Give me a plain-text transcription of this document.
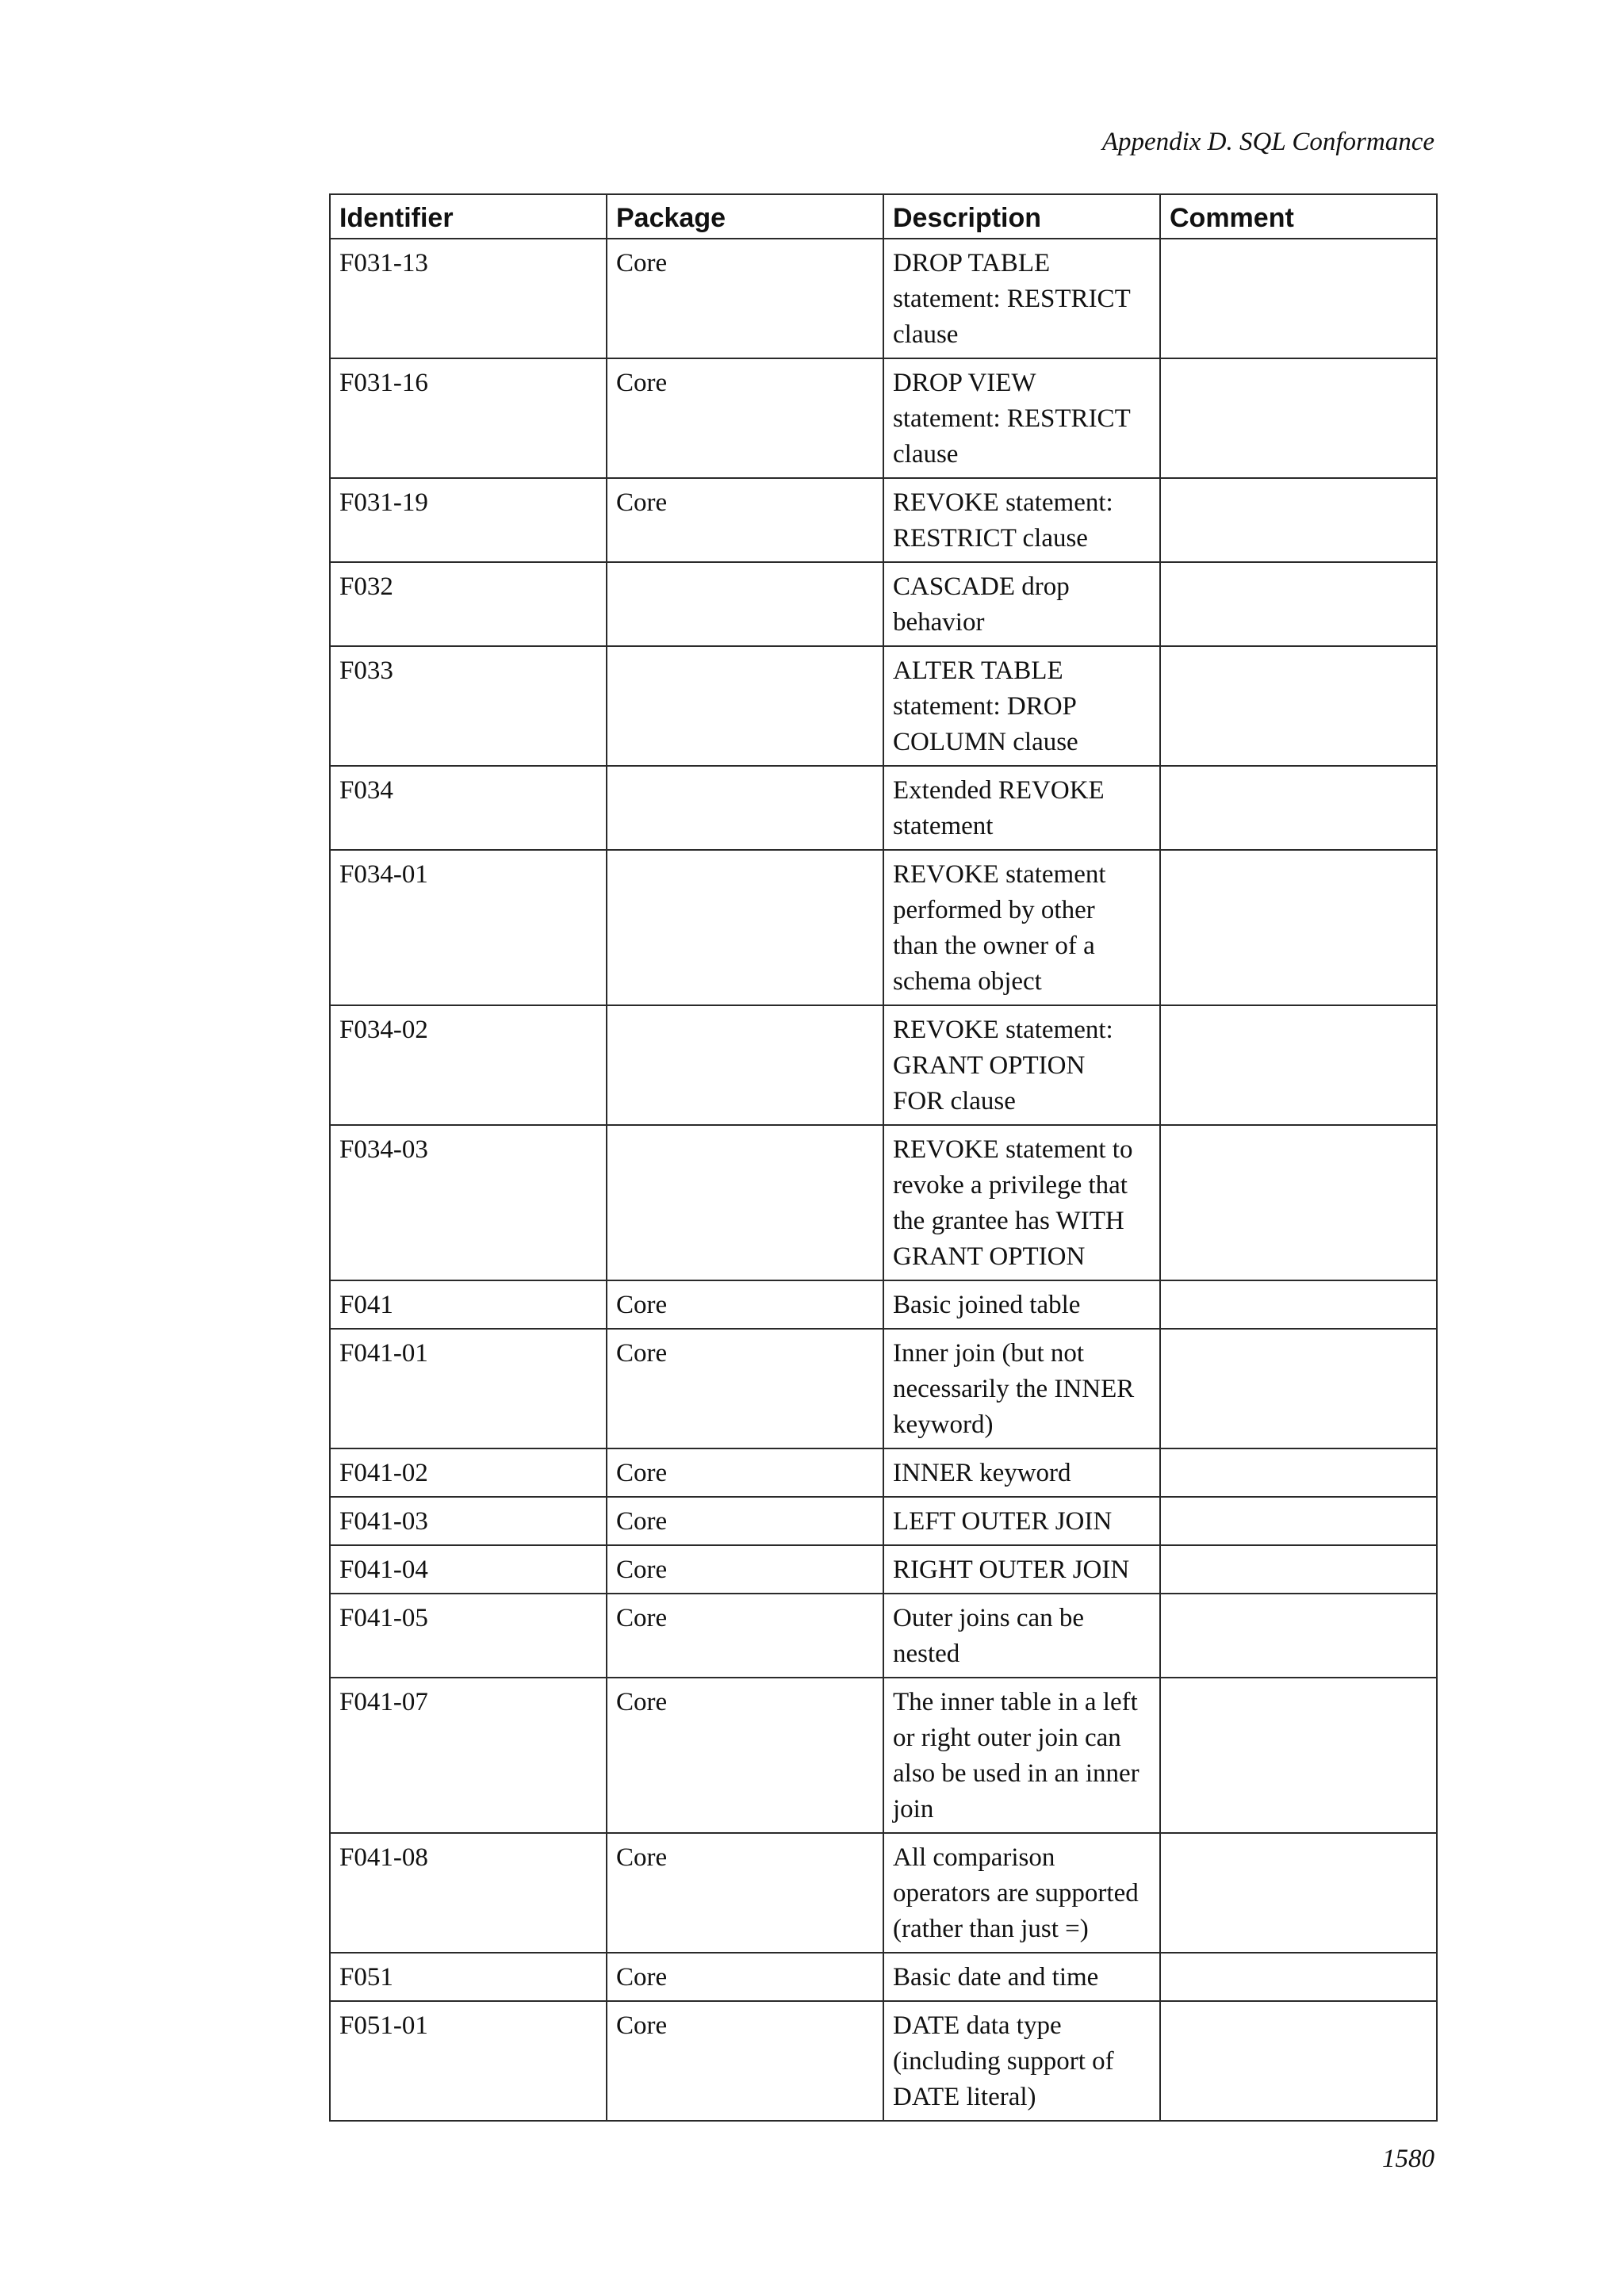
Appendix D. SQL Conformance
Identifier	Package	Description	Comment
F031-13	Core	DROP TABLE
statement: RESTRICT
clause	

F031-16	Core	DROP VIEW
statement: RESTRICT
clause	

F031-19	Core	REVOKE statement:
RESTRICT clause	

F032		CASCADE drop
behavior	

F033		ALTER TABLE
statement: DROP
COLUMN clause	

F034		Extended REVOKE
statement	

F034-01		REVOKE statement
performed by other
than the owner of a
schema object	

F034-02		REVOKE statement:
GRANT OPTION
FOR clause	

F034-03		REVOKE statement to
revoke a privilege that
the grantee has WITH
GRANT OPTION	

F041	Core	Basic joined table	

F041-01	Core	Inner join (but not
necessarily the INNER
keyword)	

F041-02	Core	INNER keyword	

F041-03	Core	LEFT OUTER JOIN	

F041-04	Core	RIGHT OUTER JOIN	

F041-05	Core	Outer joins can be
nested	

F041-07	Core	The inner table in a left
or right outer join can
also be used in an inner
join	

F041-08	Core	All comparison
operators are supported
(rather than just =)	

F051	Core	Basic date and time	

F051-01	Core	DATE data type
(including support of
DATE literal)	

1580
